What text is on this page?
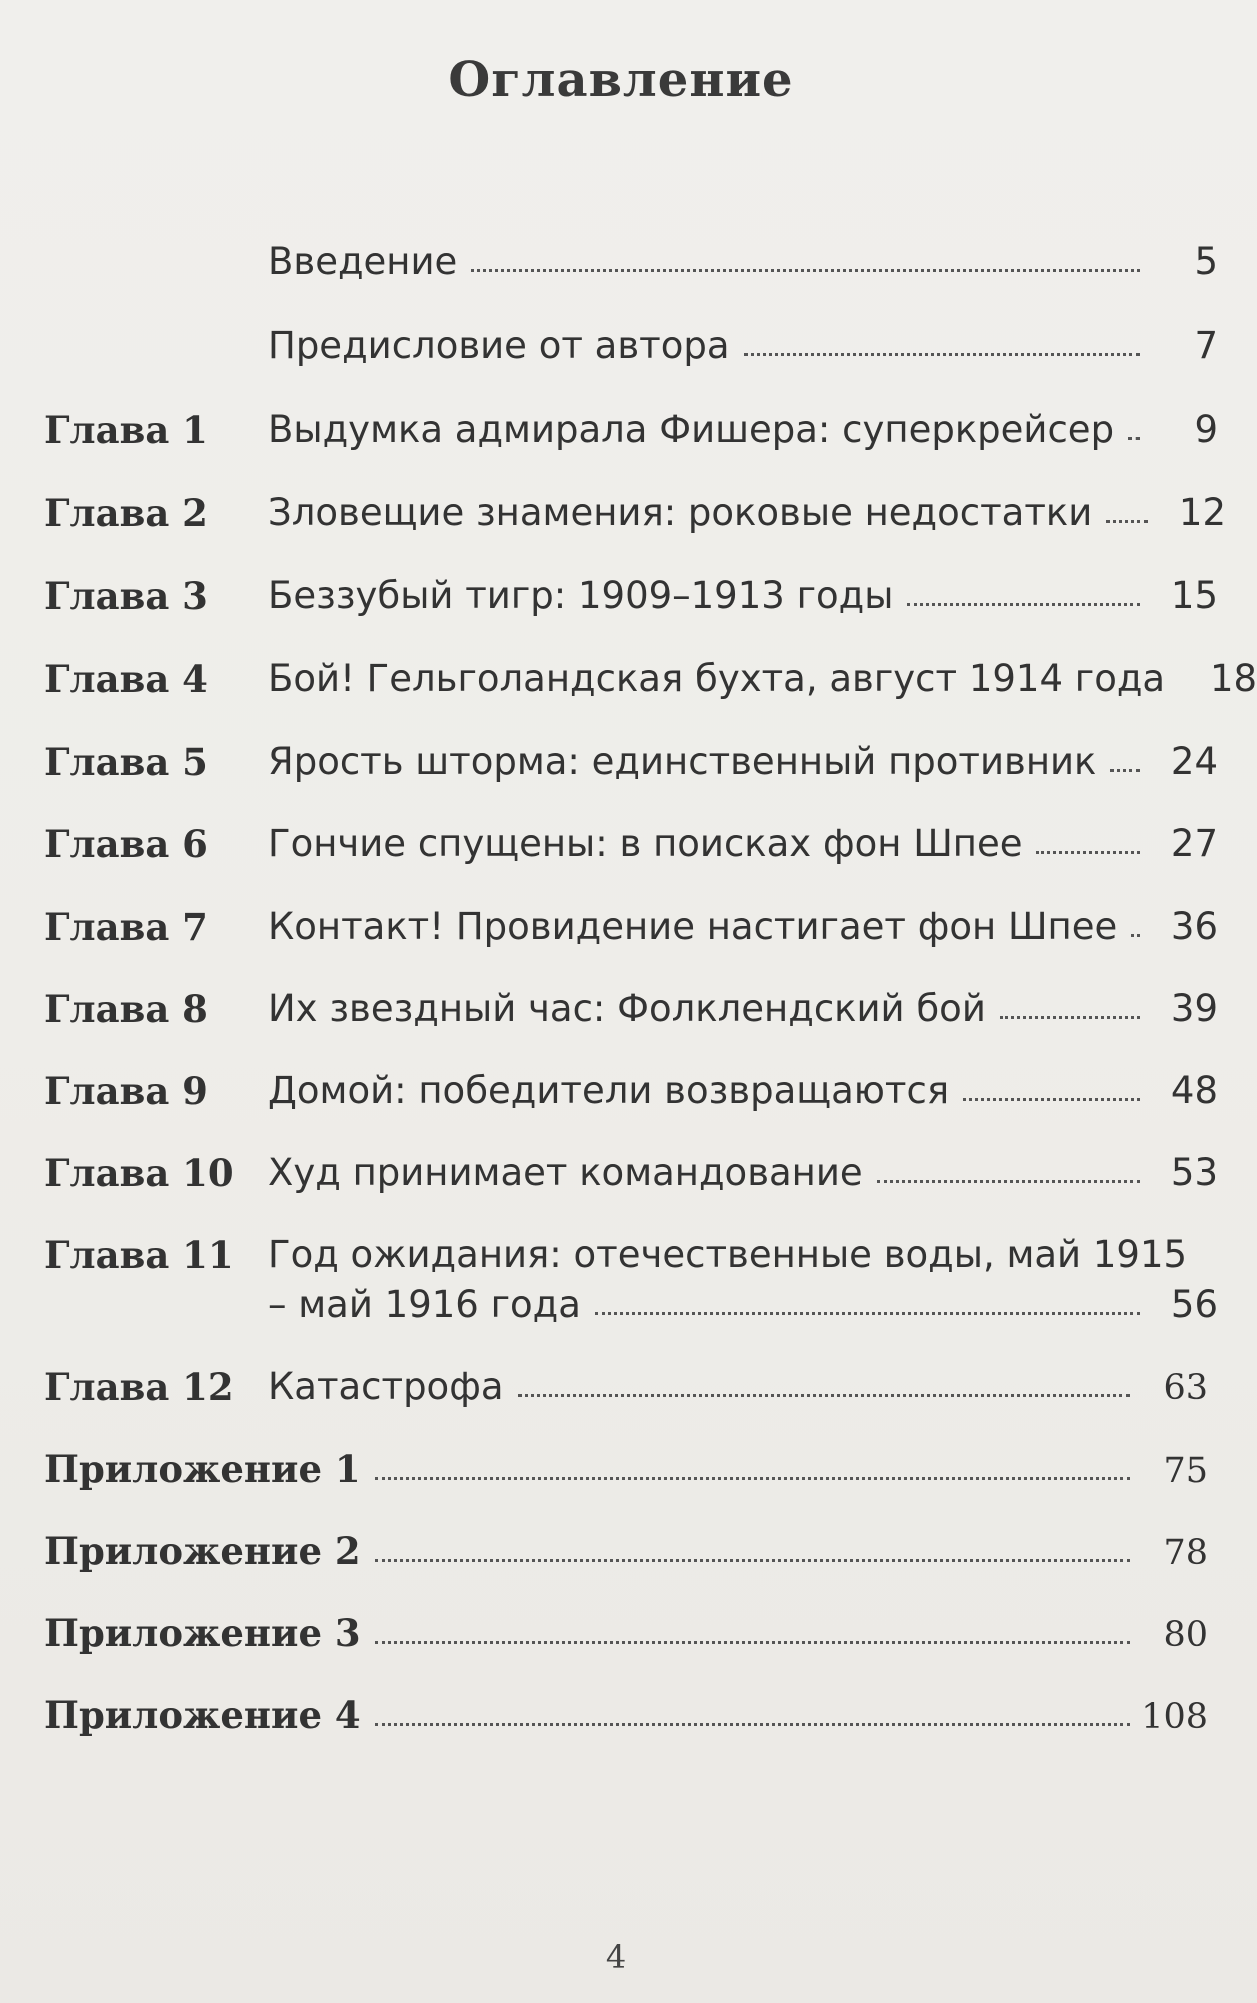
Оглавление
Введение	5
Предисловие от автора	7
Глава 1 Выдумка адмирала Фишера: суперкрейсер	9
Глава 2 Зловещие знамения: роковые недостатки	12
Глава 3 Беззубый тигр: 1909–1913 годы	15
Глава 4 Бой! Гельголандская бухта, август 1914 года	18
Глава 5 Ярость шторма: единственный противник	24
Глава 6 Гончие спущены: в поисках фон Шпее	27
Глава 7 Контакт! Провидение настигает фон Шпее	36
Глава 8 Их звездный час: Фолклендский бой	39
Глава 9 Домой: победители возвращаются	48
Глава 10 Худ принимает командование	53
Глава 11 Год ожидания: отечественные воды, май 1915
– май 1916 года	56
Глава 12 Катастрофа	63
Приложение 1	75
Приложение 2	78
Приложение 3	80
Приложение 4	108
4
